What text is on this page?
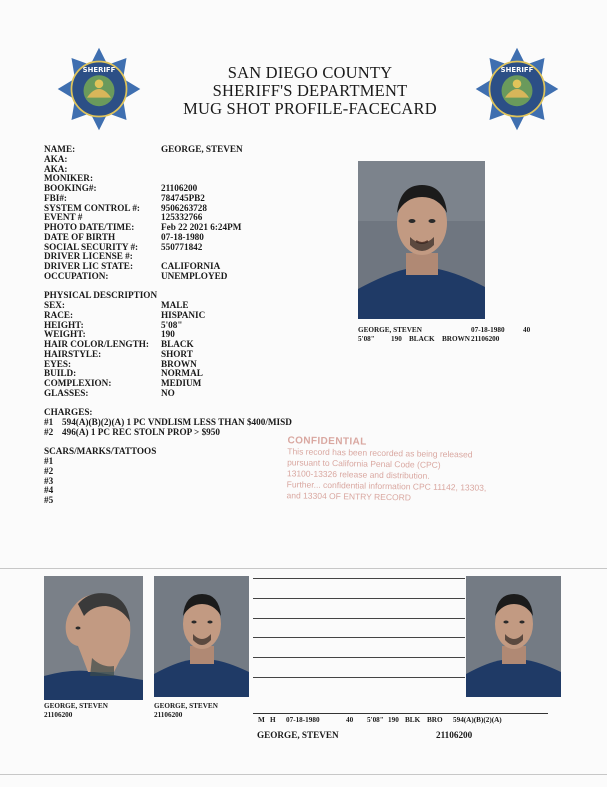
SHERIFF	SHERIFF
SAN DIEGO COUNTY
SHERIFF'S DEPARTMENT
MUG SHOT PROFILE-FACECARD
NAME:	GEORGE, STEVEN
AKA:
AKA:
MONIKER:
BOOKING#:	21106200
FBI#:	784745PB2
SYSTEM CONTROL #:	9506263728
EVENT #	125332766
PHOTO DATE/TIME:	Feb 22 2021 6:24PM
DATE OF BIRTH	07-18-1980
SOCIAL SECURITY #:	550771842
DRIVER LICENSE #:
DRIVER LIC STATE:	CALIFORNIA
OCCUPATION:	UNEMPLOYED
PHYSICAL DESCRIPTION
SEX:	MALE
RACE:	HISPANIC
HEIGHT:	5'08"
WEIGHT:	190
HAIR COLOR/LENGTH:	BLACK
HAIRSTYLE:	SHORT
EYES:	BROWN
BUILD:	NORMAL
COMPLEXION:	MEDIUM
GLASSES:	NO
CHARGES:
#1 594(A)(B)(2)(A) 1 PC VNDLISM LESS THAN $400/MISD
#2 496(A) 1 PC REC STOLN PROP > $950
SCARS/MARKS/TATTOOS
#1
#2
#3
#4
#5
GEORGE, STEVEN	07-18-1980	40
5'08" 190 BLACK BROWN 21106200
CONFIDENTIAL
This record has been recorded as being released
pursuant to California Penal Code (CPC)
13100-13326 release and distribution.
Further... confidential information CPC 11142, 13303,
and 13304 OF ENTRY RECORD
GEORGE, STEVEN
21106200
GEORGE, STEVEN
21106200
M H 07-18-1980	40 5'08" 190 BLK BRO 594(A)(B)(2)(A)
GEORGE, STEVEN	21106200
